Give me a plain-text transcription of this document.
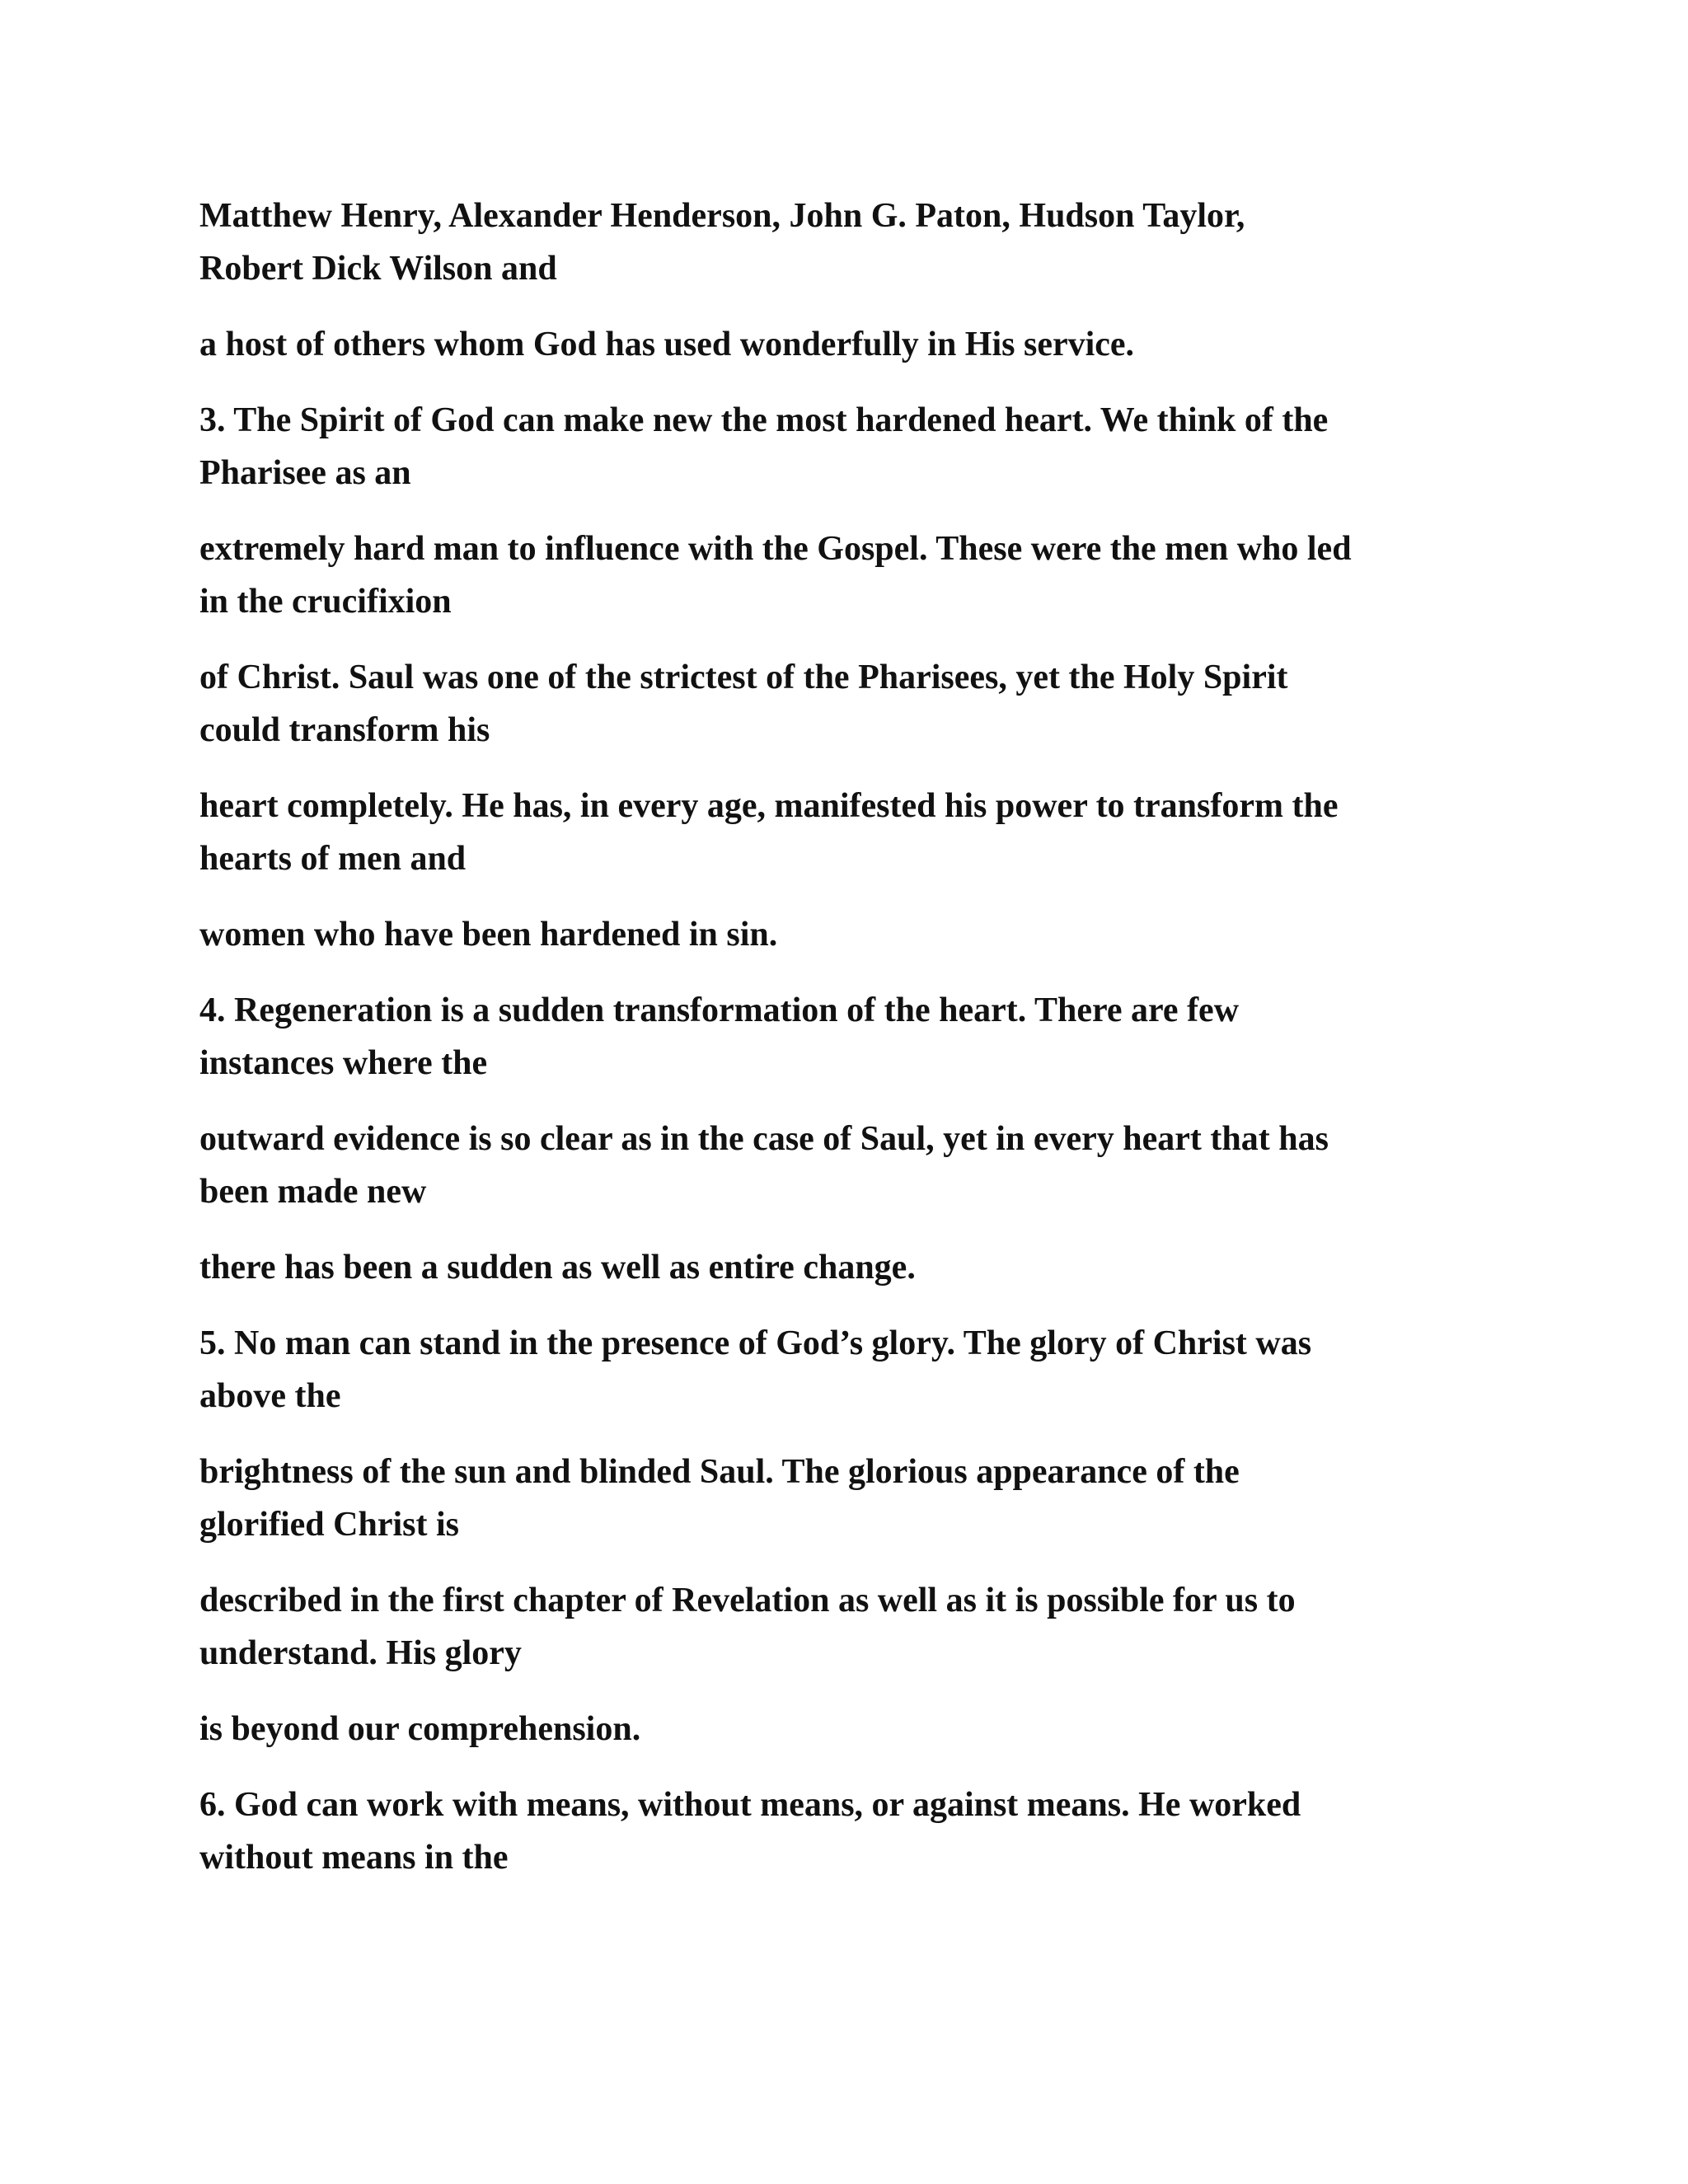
Matthew Henry, Alexander Henderson, John G. Paton, Hudson Taylor,
Robert Dick Wilson and

a host of others whom God has used wonderfully in His service.

3. The Spirit of God can make new the most hardened heart. We think of the
Pharisee as an

extremely hard man to influence with the Gospel. These were the men who led
in the crucifixion

of Christ. Saul was one of the strictest of the Pharisees, yet the Holy Spirit
could transform his

heart completely. He has, in every age, manifested his power to transform the
hearts of men and

women who have been hardened in sin.

4. Regeneration is a sudden transformation of the heart. There are few
instances where the

outward evidence is so clear as in the case of Saul, yet in every heart that has
been made new

there has been a sudden as well as entire change.

5. No man can stand in the presence of God’s glory. The glory of Christ was
above the

brightness of the sun and blinded Saul. The glorious appearance of the
glorified Christ is

described in the first chapter of Revelation as well as it is possible for us to
understand. His glory

is beyond our comprehension.

6. God can work with means, without means, or against means. He worked
without means in the
